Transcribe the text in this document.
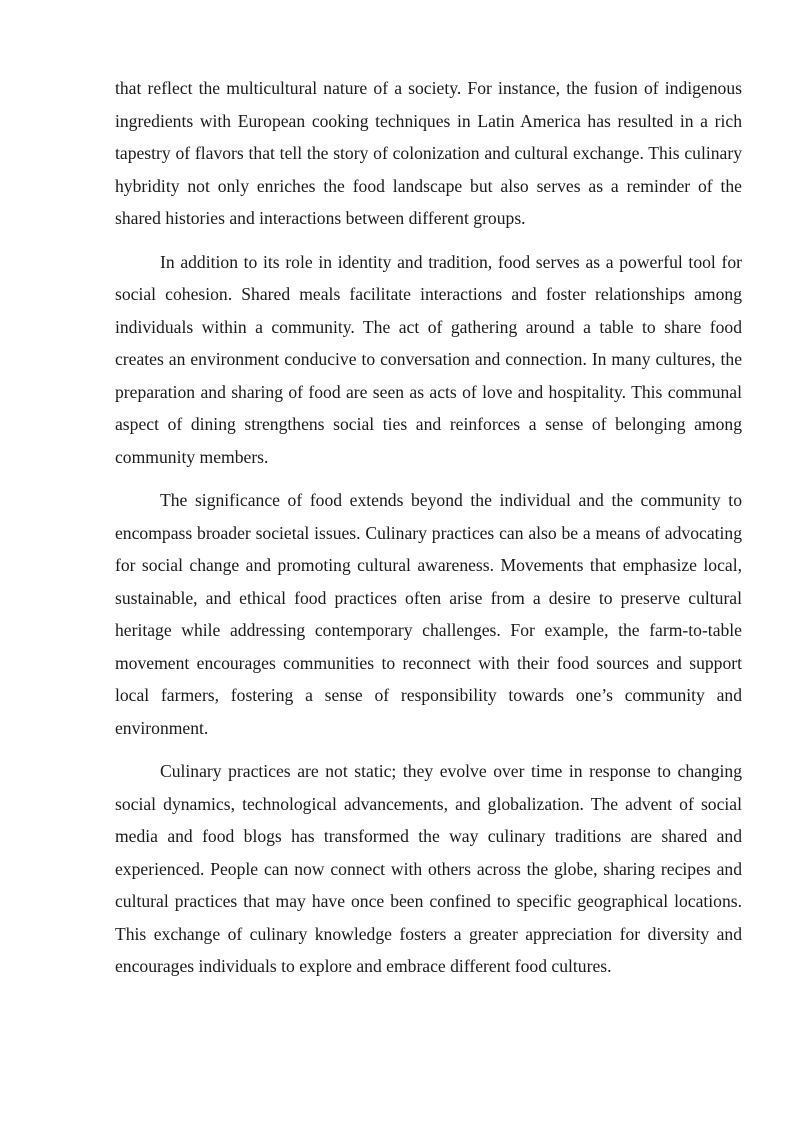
that reflect the multicultural nature of a society. For instance, the fusion of indigenous ingredients with European cooking techniques in Latin America has resulted in a rich tapestry of flavors that tell the story of colonization and cultural exchange. This culinary hybridity not only enriches the food landscape but also serves as a reminder of the shared histories and interactions between different groups.

In addition to its role in identity and tradition, food serves as a powerful tool for social cohesion. Shared meals facilitate interactions and foster relationships among individuals within a community. The act of gathering around a table to share food creates an environment conducive to conversation and connection. In many cultures, the preparation and sharing of food are seen as acts of love and hospitality. This communal aspect of dining strengthens social ties and reinforces a sense of belonging among community members.

The significance of food extends beyond the individual and the community to encompass broader societal issues. Culinary practices can also be a means of advocating for social change and promoting cultural awareness. Movements that emphasize local, sustainable, and ethical food practices often arise from a desire to preserve cultural heritage while addressing contemporary challenges. For example, the farm-to-table movement encourages communities to reconnect with their food sources and support local farmers, fostering a sense of responsibility towards one’s community and environment.

Culinary practices are not static; they evolve over time in response to changing social dynamics, technological advancements, and globalization. The advent of social media and food blogs has transformed the way culinary traditions are shared and experienced. People can now connect with others across the globe, sharing recipes and cultural practices that may have once been confined to specific geographical locations. This exchange of culinary knowledge fosters a greater appreciation for diversity and encourages individuals to explore and embrace different food cultures.
